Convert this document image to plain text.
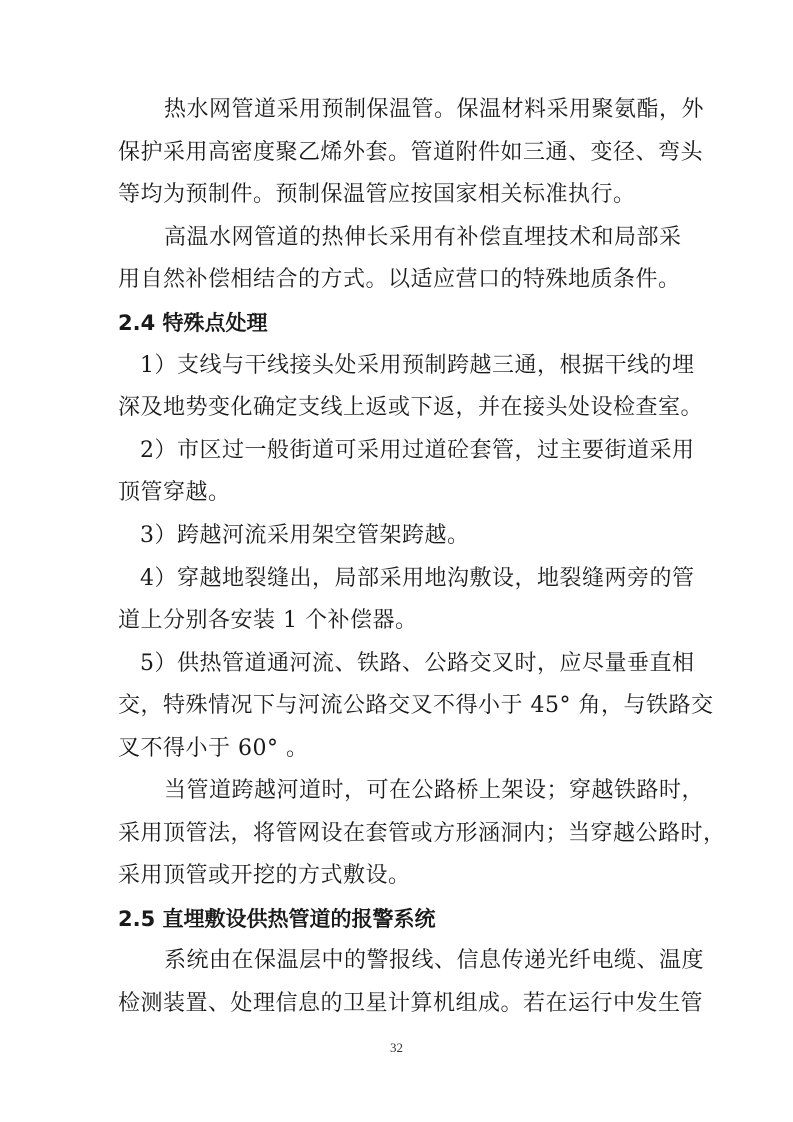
热水网管道采用预制保温管。保温材料采用聚氨酯，外
保护采用高密度聚乙烯外套。管道附件如三通、变径、弯头
等均为预制件。预制保温管应按国家相关标准执行。
高温水网管道的热伸长采用有补偿直埋技术和局部采
用自然补偿相结合的方式。以适应营口的特殊地质条件。
2.4 特殊点处理
1）支线与干线接头处采用预制跨越三通，根据干线的埋
深及地势变化确定支线上返或下返，并在接头处设检查室。
2）市区过一般街道可采用过道砼套管，过主要街道采用
顶管穿越。
3）跨越河流采用架空管架跨越。
4）穿越地裂缝出，局部采用地沟敷设，地裂缝两旁的管
道上分别各安装 1 个补偿器。
5）供热管道通河流、铁路、公路交叉时，应尽量垂直相
交，特殊情况下与河流公路交叉不得小于 45° 角，与铁路交
叉不得小于 60° 。
当管道跨越河道时，可在公路桥上架设；穿越铁路时，
采用顶管法，将管网设在套管或方形涵洞内；当穿越公路时，
采用顶管或开挖的方式敷设。
2.5 直埋敷设供热管道的报警系统
系统由在保温层中的警报线、信息传递光纤电缆、温度
检测装置、处理信息的卫星计算机组成。若在运行中发生管
32
